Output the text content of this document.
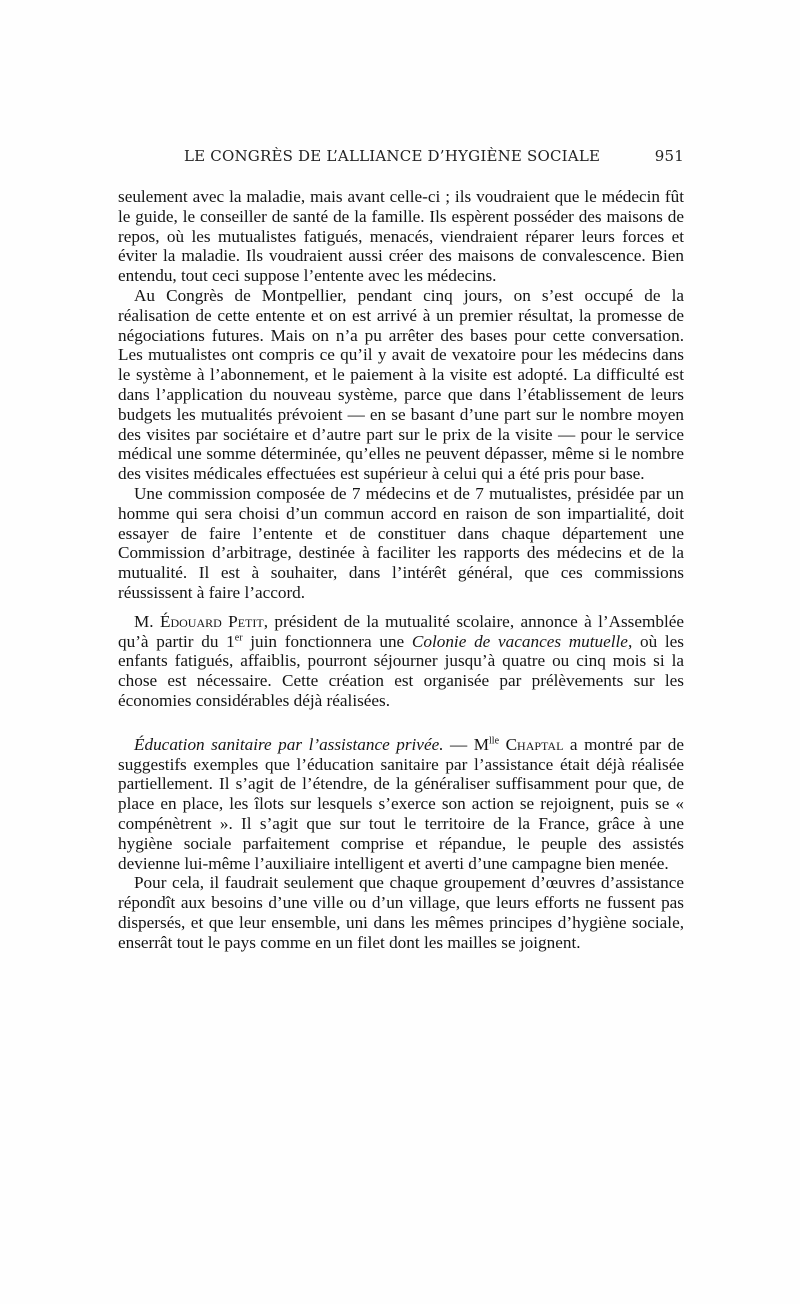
LE CONGRÈS DE L’ALLIANCE D’HYGIÈNE SOCIALE	951

seulement avec la maladie, mais avant celle-ci ; ils voudraient que le médecin fût le guide, le conseiller de santé de la famille. Ils espèrent posséder des maisons de repos, où les mutualistes fatigués, menacés, viendraient réparer leurs forces et éviter la maladie. Ils voudraient aussi créer des maisons de convalescence. Bien entendu, tout ceci suppose l’entente avec les médecins.

Au Congrès de Montpellier, pendant cinq jours, on s’est occupé de la réalisation de cette entente et on est arrivé à un premier résultat, la promesse de négociations futures. Mais on n’a pu arrêter des bases pour cette conversation. Les mutualistes ont compris ce qu’il y avait de vexatoire pour les médecins dans le système à l’abonnement, et le paiement à la visite est adopté. La difficulté est dans l’application du nouveau système, parce que dans l’établissement de leurs budgets les mutualités prévoient — en se basant d’une part sur le nombre moyen des visites par sociétaire et d’autre part sur le prix de la visite — pour le service médical une somme déterminée, qu’elles ne peuvent dépasser, même si le nombre des visites médicales effectuées est supérieur à celui qui a été pris pour base.

Une commission composée de 7 médecins et de 7 mutualistes, présidée par un homme qui sera choisi d’un commun accord en raison de son impartialité, doit essayer de faire l’entente et de constituer dans chaque département une Commission d’arbitrage, destinée à faciliter les rapports des médecins et de la mutualité. Il est à souhaiter, dans l’intérêt général, que ces commissions réussissent à faire l’accord.

M. Édouard Petit, président de la mutualité scolaire, annonce à l’Assemblée qu’à partir du 1er juin fonctionnera une Colonie de vacances mutuelle, où les enfants fatigués, affaiblis, pourront séjourner jusqu’à quatre ou cinq mois si la chose est nécessaire. Cette création est organisée par prélèvements sur les économies considérables déjà réalisées.

Éducation sanitaire par l’assistance privée. — $M^{lle}$ Chaptal a montré par de suggestifs exemples que l’éducation sanitaire par l’assistance était déjà réalisée partiellement. Il s’agit de l’étendre, de la généraliser suffisamment pour que, de place en place, les îlots sur lesquels s’exerce son action se rejoignent, puis se « compénètrent ». Il s’agit que sur tout le territoire de la France, grâce à une hygiène sociale parfaitement comprise et répandue, le peuple des assistés devienne lui-même l’auxiliaire intelligent et averti d’une campagne bien menée.

Pour cela, il faudrait seulement que chaque groupement d’œuvres d’assistance répondît aux besoins d’une ville ou d’un village, que leurs efforts ne fussent pas dispersés, et que leur ensemble, uni dans les mêmes principes d’hygiène sociale, enserrât tout le pays comme en un filet dont les mailles se joignent.
